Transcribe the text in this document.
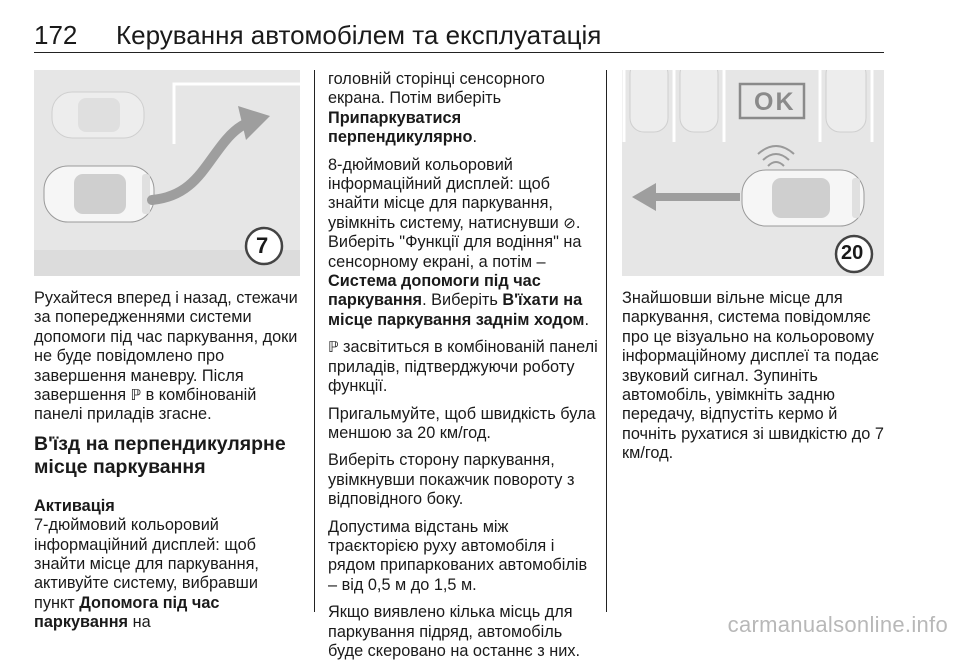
172 Керування автомобілем та експлуатація
7
OK
20

Рухайтеся вперед і назад, стежачи за попередженнями системи допомоги під час паркування, доки не буде повідомлено про завершення маневру. Після завершення ℙ в комбінованій панелі приладів згасне.

В'їзд на перпендикулярне місце паркування

Активація
7-дюймовий кольоровий інформаційний дисплей: щоб знайти місце для паркування, активуйте систему, вибравши пункт Допомога під час паркування на

головній сторінці сенсорного екрана. Потім виберіть Припаркуватися перпендикулярно.

8-дюймовий кольоровий інформаційний дисплей: щоб знайти місце для паркування, увімкніть систему, натиснувши ⊘. Виберіть "Функції для водіння" на сенсорному екрані, а потім – Система допомоги під час паркування. Виберіть В'їхати на місце паркування заднім ходом.

ℙ засвітиться в комбінованій панелі приладів, підтверджуючи роботу функції.

Пригальмуйте, щоб швидкість була меншою за 20 км/год.

Виберіть сторону паркування, увімкнувши покажчик повороту з відповідного боку.

Допустима відстань між траєкторією руху автомобіля і рядом припаркованих автомобілів – від 0,5 м до 1,5 м.

Якщо виявлено кілька місць для паркування підряд, автомобіль буде скеровано на останнє з них.

Знайшовши вільне місце для паркування, система повідомляє про це візуально на кольоровому інформаційному дисплеї та подає звуковий сигнал. Зупиніть автомобіль, увімкніть задню передачу, відпустіть кермо й почніть рухатися зі швидкістю до 7 км/год.

carmanualsonline.info
